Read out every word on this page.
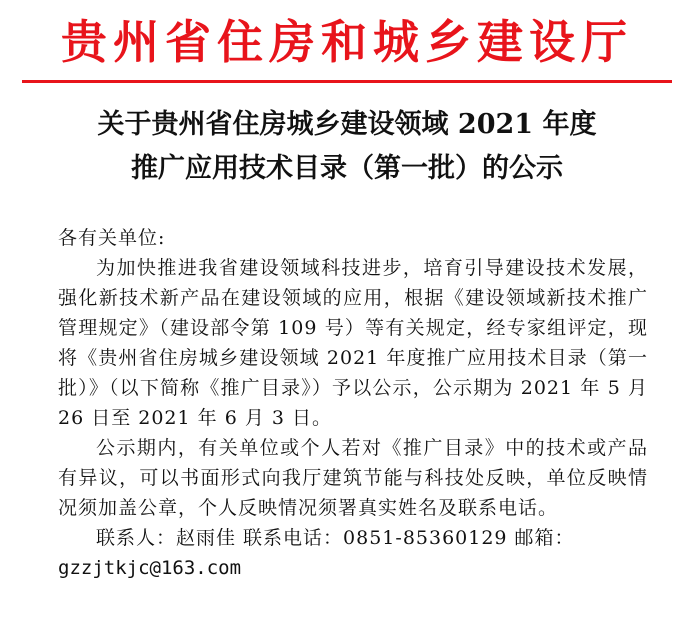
贵州省住房和城乡建设厅
关于贵州省住房城乡建设领域 2021 年度
推广应用技术目录（第一批）的公示

各有关单位:

为加快推进我省建设领域科技进步，培育引导建设技术发展，强化新技术新产品在建设领域的应用，根据《建设领域新技术推广管理规定》（建设部令第 109 号）等有关规定，经专家组评定，现将《贵州省住房城乡建设领域 2021 年度推广应用技术目录（第一批）》（以下简称《推广目录》）予以公示，公示期为 2021 年 5 月 26 日至 2021 年 6 月 3 日。

公示期内，有关单位或个人若对《推广目录》中的技术或产品有异议，可以书面形式向我厅建筑节能与科技处反映，单位反映情况须加盖公章，个人反映情况须署真实姓名及联系电话。

联系人：赵雨佳 联系电话：0851-85360129 邮箱：

gzzjtkjc@163.com
